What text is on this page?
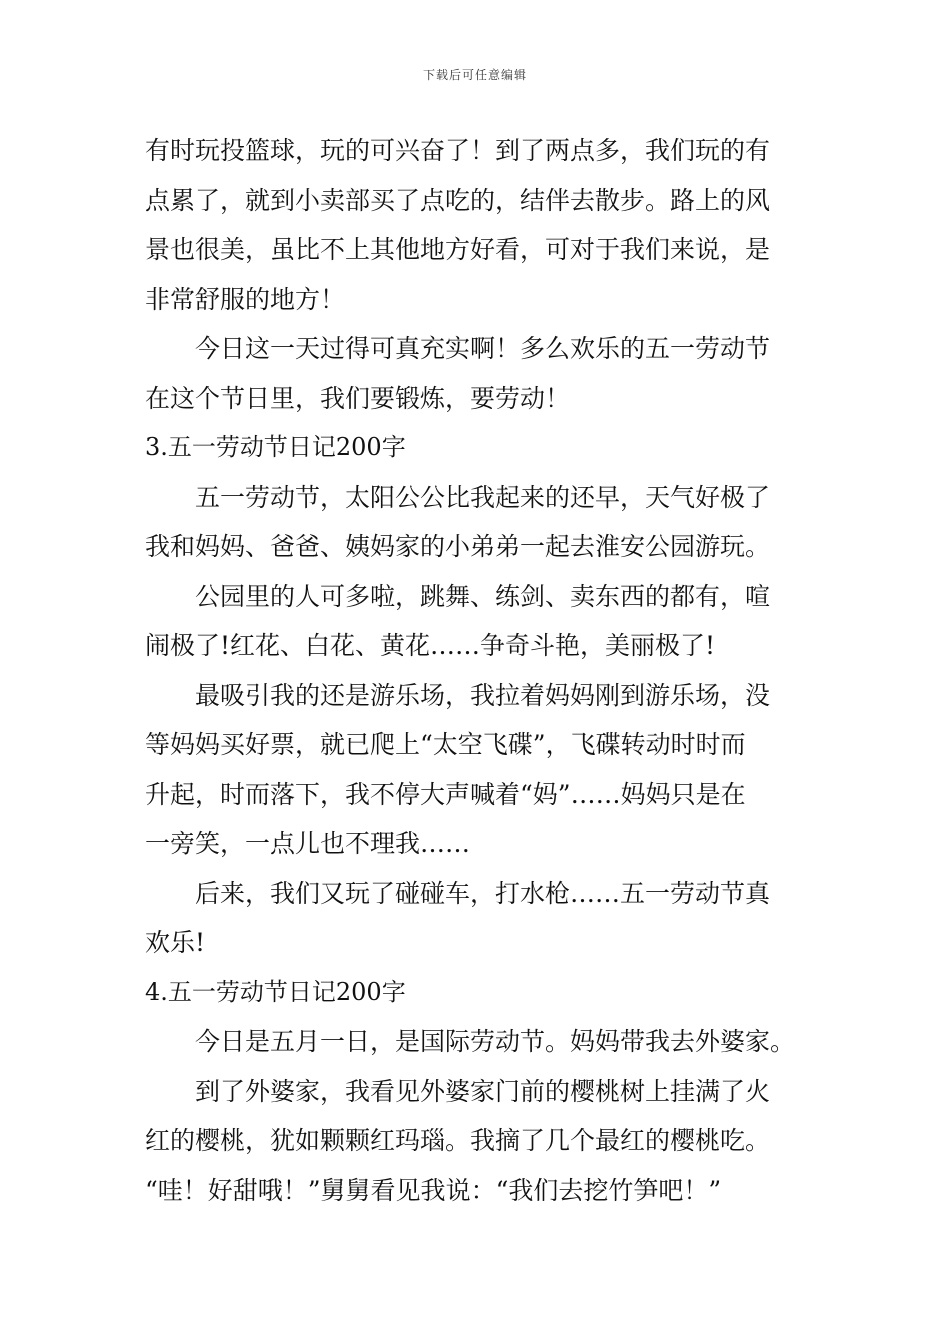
下载后可任意编辑
有时玩投篮球，玩的可兴奋了！到了两点多，我们玩的有
点累了，就到小卖部买了点吃的，结伴去散步。路上的风
景也很美，虽比不上其他地方好看，可对于我们来说，是
非常舒服的地方！
今日这一天过得可真充实啊！多么欢乐的五一劳动节
在这个节日里，我们要锻炼，要劳动！
3.五一劳动节日记200字
五一劳动节，太阳公公比我起来的还早，天气好极了
我和妈妈、爸爸、姨妈家的小弟弟一起去淮安公园游玩。
公园里的人可多啦，跳舞、练剑、卖东西的都有，喧
闹极了!红花、白花、黄花……争奇斗艳，美丽极了!
最吸引我的还是游乐场，我拉着妈妈刚到游乐场，没
等妈妈买好票，就已爬上“太空飞碟”，飞碟转动时时而
升起，时而落下，我不停大声喊着“妈”……妈妈只是在
一旁笑，一点儿也不理我……
后来，我们又玩了碰碰车，打水枪……五一劳动节真
欢乐!
4.五一劳动节日记200字
今日是五月一日，是国际劳动节。妈妈带我去外婆家。
到了外婆家，我看见外婆家门前的樱桃树上挂满了火
红的樱桃，犹如颗颗红玛瑙。我摘了几个最红的樱桃吃。
“哇！好甜哦！”舅舅看见我说：“我们去挖竹笋吧！”
